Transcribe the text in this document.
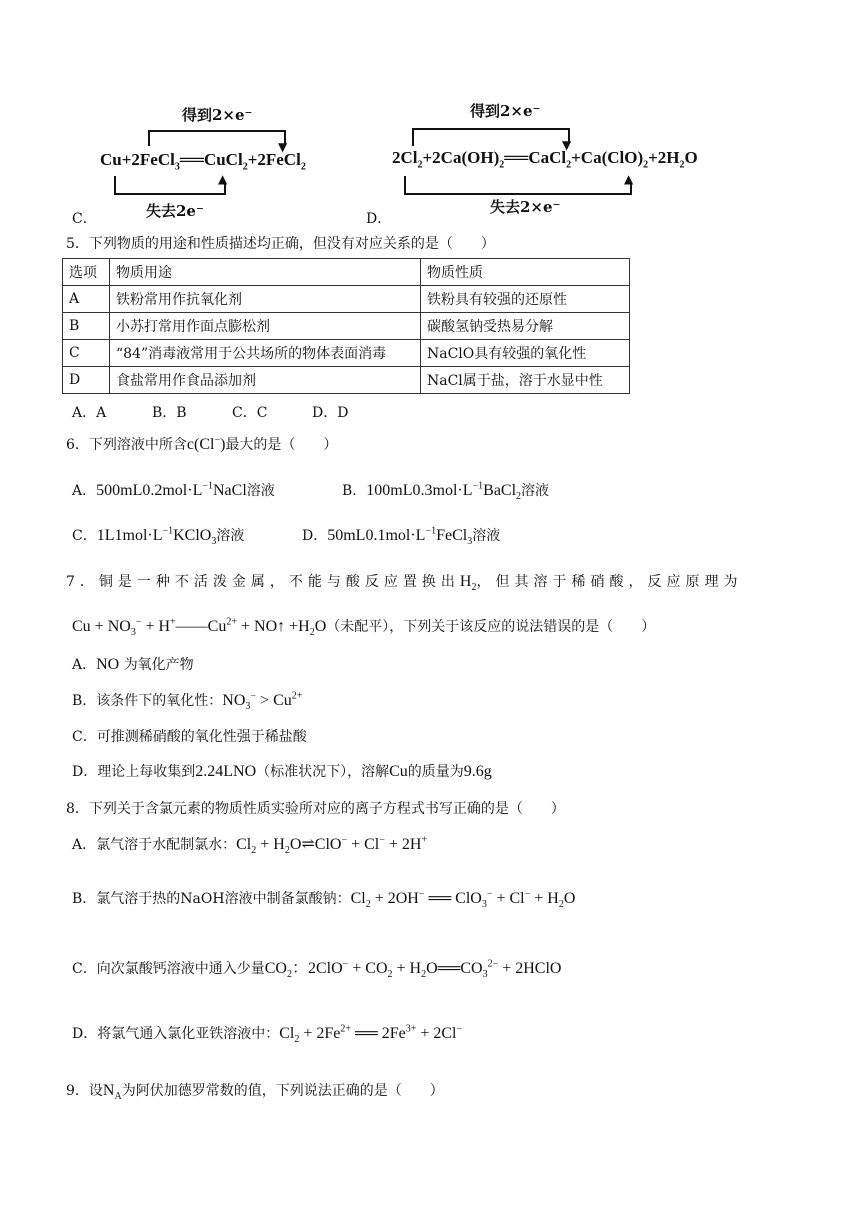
得到2×e⁻
▼
Cu+2FeCl$_3$══CuCl$_2$+2FeCl$_2$
▲
失去2e⁻
C．
得到2×e⁻
▼
$2Cl_2+2Ca(OH)_2══CaCl_2+Ca(ClO)_2+2H_2O$
▲
失去2×e⁻
D．
5．下列物质的用途和性质描述均正确，但没有对应关系的是（　　）
选项	物质用途	物质性质
A	铁粉常用作抗氧化剂	铁粉具有较强的还原性
B	小苏打常用作面点膨松剂	碳酸氢钠受热易分解
C	“84”消毒液常用于公共场所的物体表面消毒	NaClO具有较强的氧化性
D	食盐常用作食品添加剂	NaCl属于盐，溶于水显中性
A．A	B．B	C．C	D．D
6．下列溶液中所含c(Cl−)最大的是（　　）
A．$500mL0.2mol\cdot L^{-1}NaCl$溶液	B．$100mL0.3mol\cdot L^{-1}BaCl_2$溶液
C．$1L1mol\cdot L^{-1}KClO_3$溶液	D．$50mL0.1mol\cdot L^{-1}FeCl_3$溶液
7．铜是一种不活泼金属，不能与酸反应置换出$H_2$，但其溶于稀硝酸，反应原理为
$Cu + NO_3^-$ + $H^+——Cu^{2+}$ + NO↑ $+H_2O$（未配平），下列关于该反应的说法错误的是（　　）
A．NO 为氧化产物
B．该条件下的氧化性：$NO_3^- > Cu^{2+}$
C．可推测稀硝酸的氧化性强于稀盐酸
D．理论上每收集到2.24LNO（标准状况下），溶解Cu的质量为9.6g
8．下列关于含氯元素的物质性质实验所对应的离子方程式书写正确的是（　　）
A．氯气溶于水配制氯水：$Cl_2$ + $H_2O\rightleftharpoons ClO^- + Cl^- + 2H^+$
B．氯气溶于热的NaOH溶液中制备氯酸钠：$Cl_2 + 2OH^-$ ══ $ClO_3^- + Cl^- + H_2O$
C．向次氯酸钙溶液中通入少量$CO_2$：$2ClO^- + CO_2$ + $H_2O══CO_3^{2-}$ + 2HClO
D．将氯气通入氯化亚铁溶液中：$Cl_2 + 2Fe^{2+}$ ══ $2Fe^{3+} + 2Cl^-$
9．设$N_A$为阿伏加德罗常数的值，下列说法正确的是（　　）
